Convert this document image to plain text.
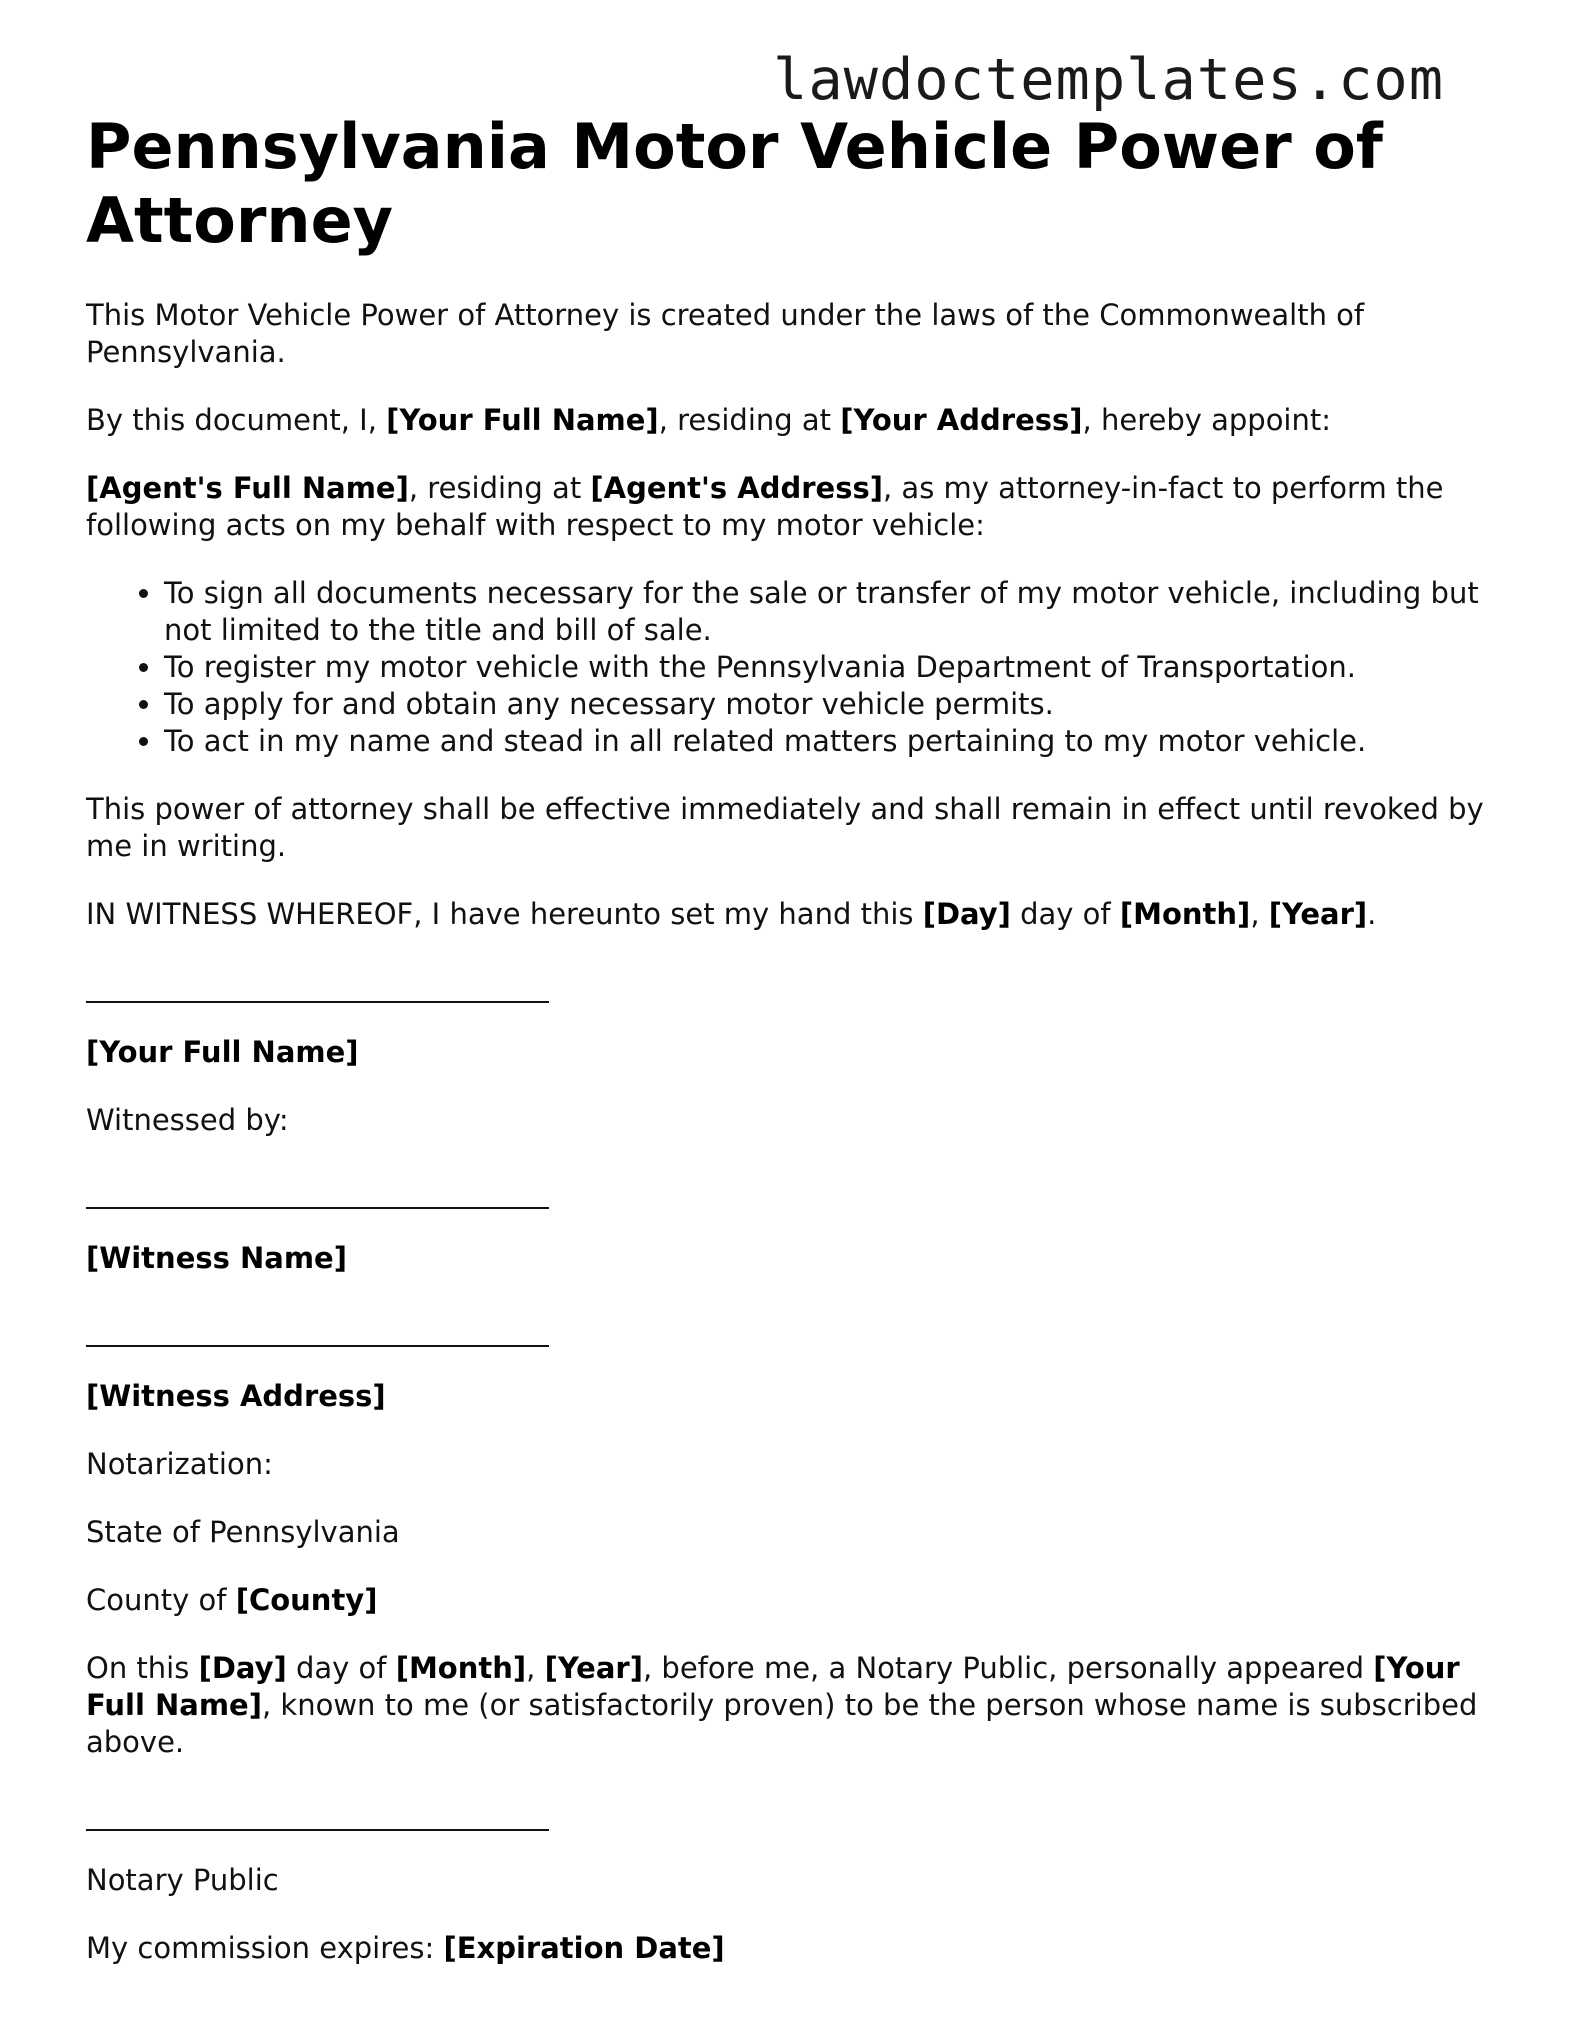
lawdoctemplates.com
Pennsylvania Motor Vehicle Power of Attorney

This Motor Vehicle Power of Attorney is created under the laws of the Commonwealth of Pennsylvania.

By this document, I, [Your Full Name], residing at [Your Address], hereby appoint:

[Agent's Full Name], residing at [Agent's Address], as my attorney-in-fact to perform the following acts on my behalf with respect to my motor vehicle:

• To sign all documents necessary for the sale or transfer of my motor vehicle, including but not limited to the title and bill of sale.
• To register my motor vehicle with the Pennsylvania Department of Transportation.
• To apply for and obtain any necessary motor vehicle permits.
• To act in my name and stead in all related matters pertaining to my motor vehicle.

This power of attorney shall be effective immediately and shall remain in effect until revoked by me in writing.

IN WITNESS WHEREOF, I have hereunto set my hand this [Day] day of [Month], [Year].

[Your Full Name]

Witnessed by:

[Witness Name]

[Witness Address]

Notarization:

State of Pennsylvania

County of [County]

On this [Day] day of [Month], [Year], before me, a Notary Public, personally appeared [Your Full Name], known to me (or satisfactorily proven) to be the person whose name is subscribed above.

Notary Public

My commission expires: [Expiration Date]
